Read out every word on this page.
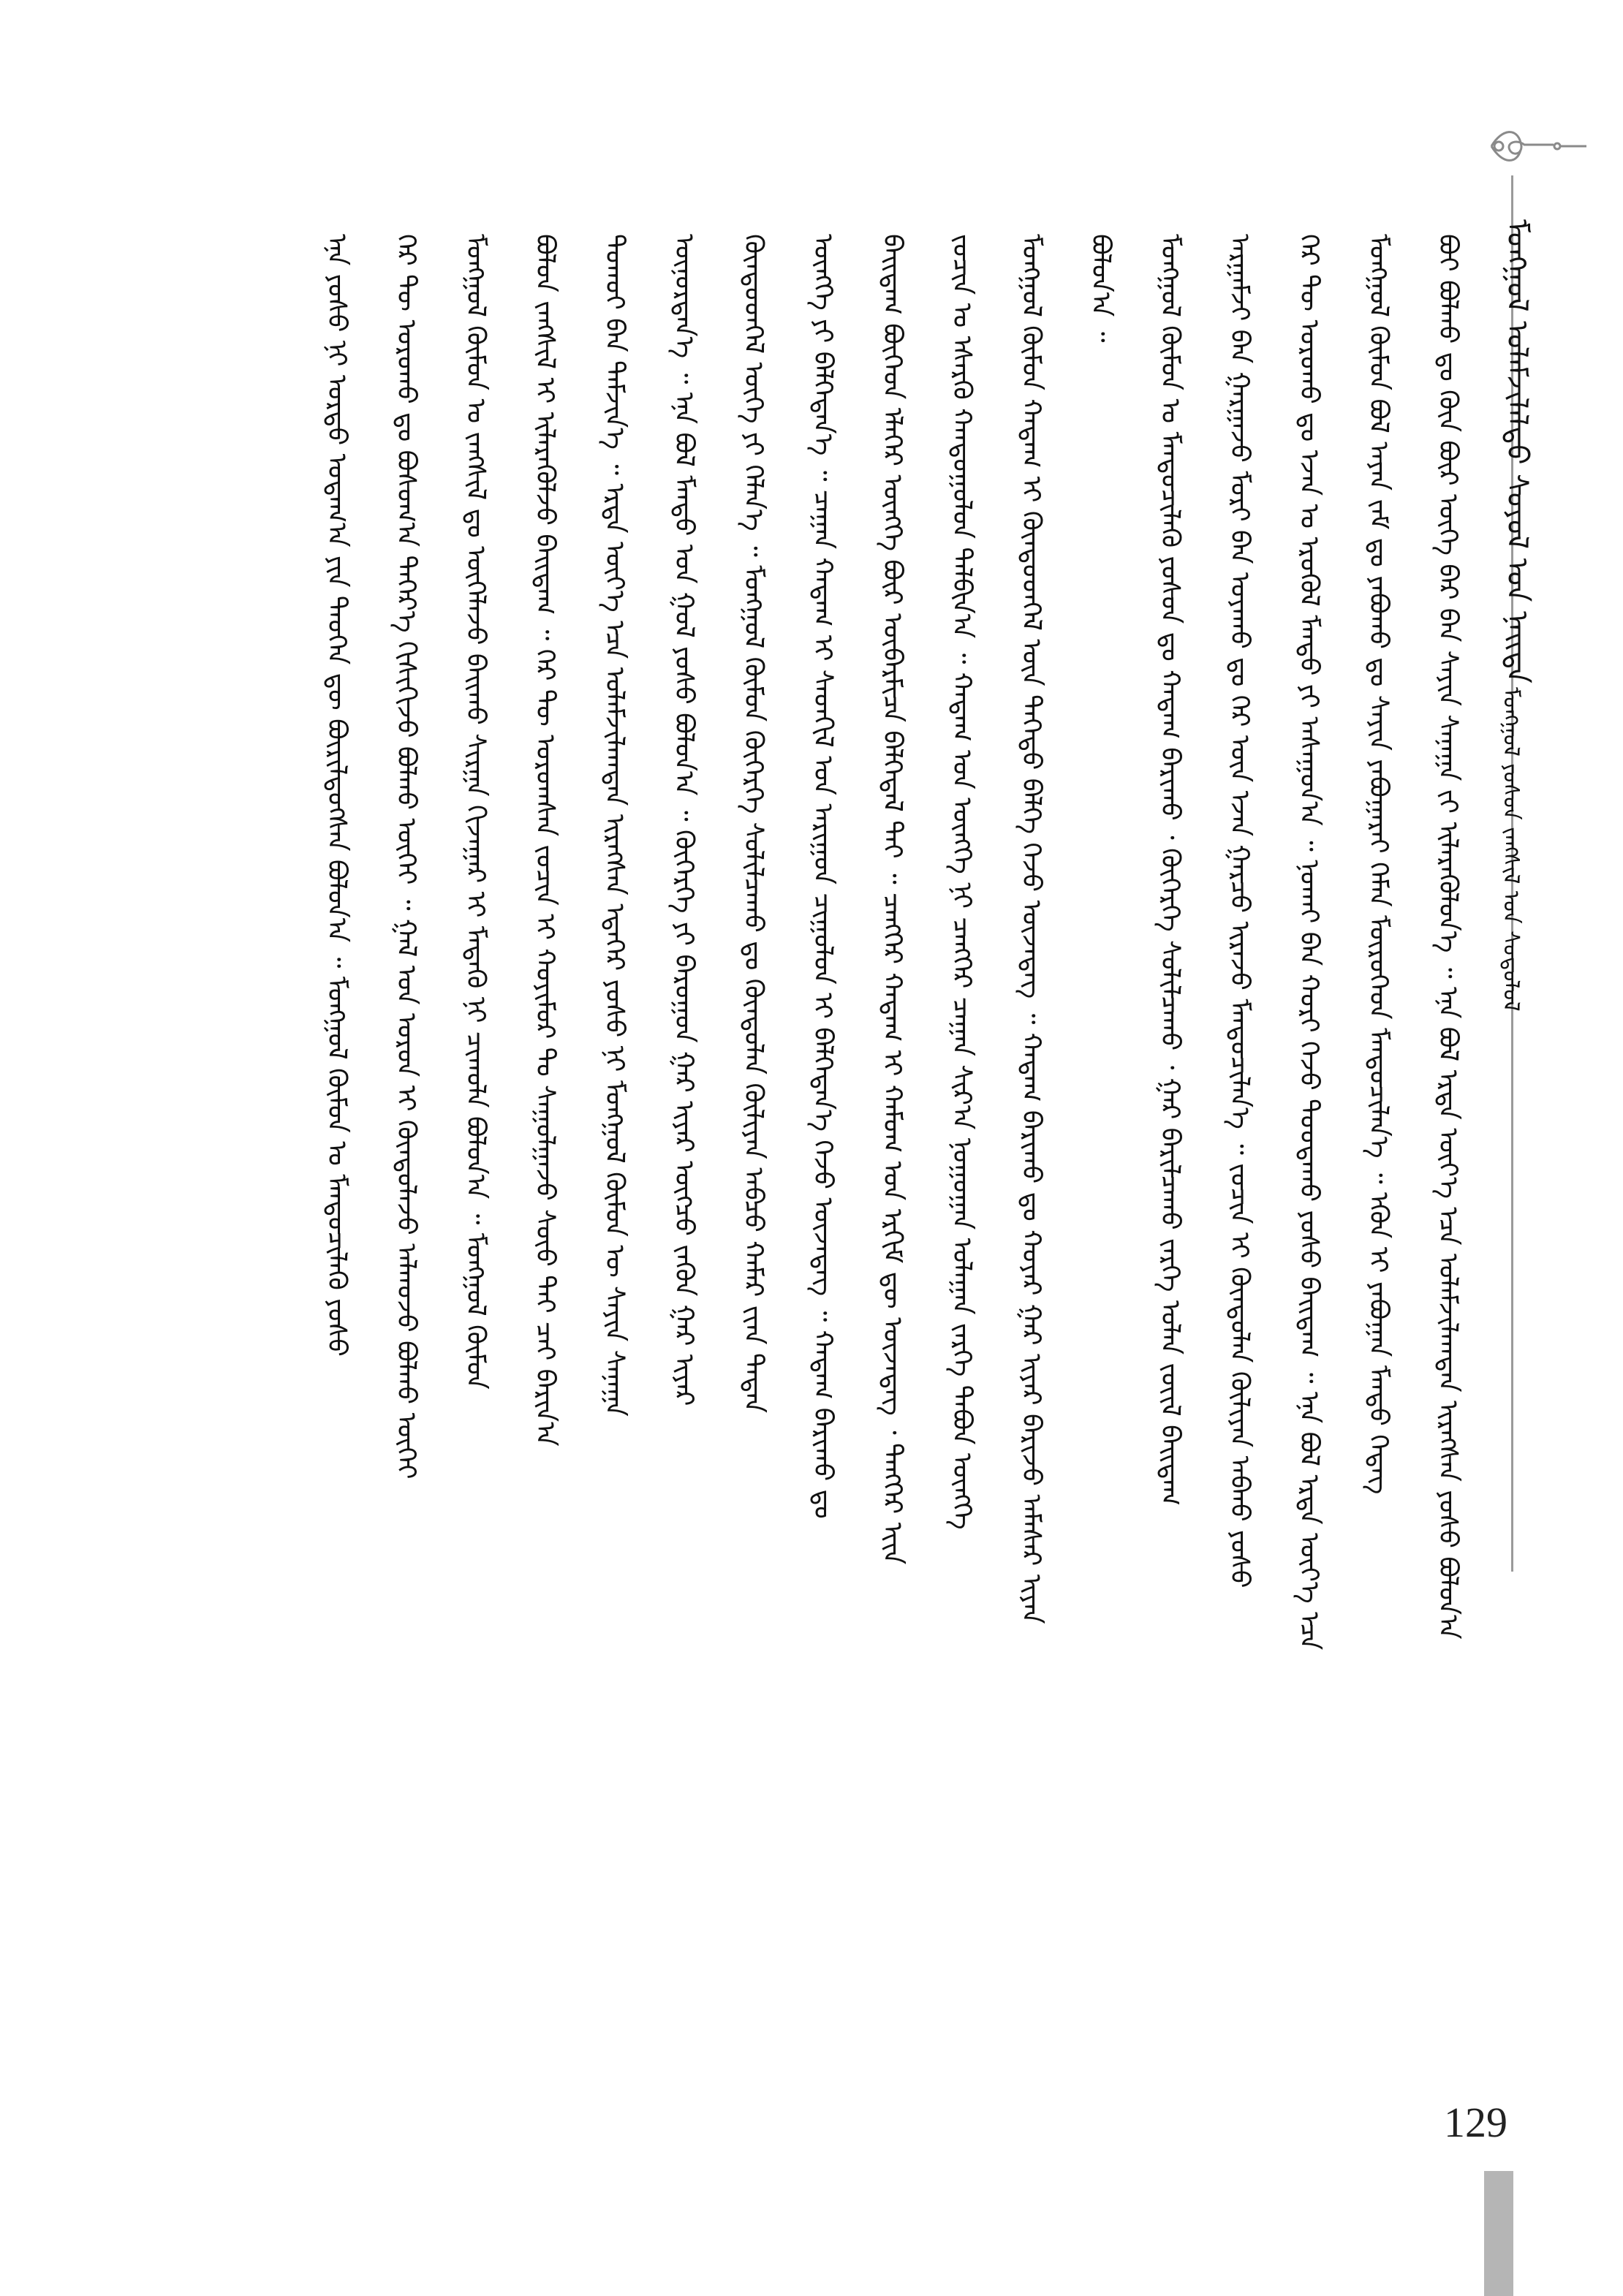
ᠮᠣᠩᠭᠣᠯ ᠤᠯᠠᠮᠵᠢᠯᠠᠯᠲᠤ ᠰᠤᠶᠤᠯ ᠤᠨ ᠨᠡᠢᠲᠡ
ᠮᠣᠩᠭᠣᠯ ᠶᠣᠰᠣᠨ ᠵᠠᠩᠰᠢᠯ ᠤᠨ ᠰᠤᠳᠤᠯᠤᠯ
ᠪᠣᠢ ᠪᠣᠯᠬᠤ ᠳᠤ ᠬᠦᠨ ᠪᠦᠷ ᠦᠭᠡ ᠪᠡᠷ ᠪᠡᠨ ᠰᠠᠶᠢᠨ ᠰᠠᠨᠠᠭᠠ ᠵᠢ ᠢᠯᠡᠷᠡᠭᠦᠯᠦᠨ᠎ᠡ ᠃ ᠡᠨᠡ ᠪᠣᠯ ᠡᠷᠲᠡ ᠦᠶ᠎ᠡ ᠡᠴᠡ ᠤᠯᠠᠮᠵᠢᠯᠠᠭᠳᠠᠨ ᠢᠷᠡᠭᠰᠡᠨ ᠶᠣᠰᠣ ᠪᠣᠯᠤᠨ᠎ᠠ
ᠮᠣᠩᠭᠣᠯ ᠬᠦᠮᠦᠨ ᠪᠣᠯ ᠠᠶᠠᠨ ᠵᠠᠮ ᠳᠤ ᠶᠠᠪᠤᠬᠤ ᠳᠤ ᠰᠠᠶᠢᠨ ᠶᠠᠪᠤᠭᠠᠷᠠᠢ ᠬᠡᠮᠡᠨ ᠮᠦᠷᠦᠭᠡᠳ ᠮᠡᠨᠳᠦᠴᠢᠯᠡᠨ᠎ᠡ ᠃ ᠡᠭᠦᠨ ᠢ ᠶᠠᠪᠤᠭᠠᠨ ᠮᠡᠨᠳᠦ ᠭᠡᠳᠡᠭ
ᠭᠡᠷ ᠲᠦ ᠣᠷᠣᠬᠤ ᠳᠤ ᠡᠵᠡᠨ ᠤ ᠡᠷᠦᠭᠦᠯ ᠮᠡᠨᠳᠦ ᠶᠢ ᠠᠰᠠᠭᠤᠨ᠎ᠠ ᠃ ᠨᠣᠬᠠᠢ ᠪᠠᠨ ᠬᠣᠷᠢ ᠭᠡᠵᠦ ᠳᠤᠤᠳᠠᠬᠤ ᠶᠣᠰᠣ ᠪᠠᠢᠳᠠᠭ ᠃ ᠡᠨᠡ ᠪᠣᠯ ᠡᠷᠲᠡ ᠦᠶ᠎ᠡ ᠡᠴᠡ
ᠠᠷᠭᠠᠮᠵᠢ ᠪᠠᠨ ᠭᠠᠷᠭᠠᠵᠤ ᠮᠣᠷᠢ ᠪᠠᠨ ᠤᠶᠠᠬᠤ ᠳᠤ ᠭᠡᠷ ᠦᠨ ᠡᠵᠡᠨ ᠭᠠᠷᠴᠤ ᠢᠷᠡᠵᠦ ᠮᠡᠨᠳᠦᠴᠢᠯᠡᠨ᠎ᠡ ᠃ ᠵᠣᠴᠢᠨ ᠢ ᠬᠦᠨᠳᠦᠯᠡᠨ ᠬᠦᠯᠢᠶᠡᠨ ᠠᠪᠬᠤ ᠶᠣᠰᠣ
ᠮᠣᠩᠭᠣᠯ ᠬᠦᠮᠦᠨ ᠤ ᠮᠡᠨᠳᠦᠴᠢᠯᠡᠬᠦ ᠶᠣᠰᠣᠨ ᠳᠤ ᠬᠠᠳᠠᠭ ᠪᠠᠷᠢᠬᠤ ᠂ ᠬᠥᠭᠡᠷᠭᠡ ᠰᠣᠯᠢᠯᠴᠠᠬᠤ ᠂ ᠭᠠᠷ ᠪᠠᠷᠢᠯᠴᠠᠬᠤ ᠵᠡᠷᠭᠡ ᠣᠯᠠᠨ ᠵᠦᠢᠯ ᠪᠠᠢᠳᠠᠭ
ᠪᠣᠯᠤᠨ᠎ᠠ ᠃
ᠮᠣᠩᠭᠣᠯ ᠬᠦᠮᠦᠨ ᠬᠠᠳᠠᠭ ᠢ ᠬᠦᠨᠳᠦᠳᠬᠡᠯ ᠦᠨ ᠳᠡᠭᠡᠳᠦ ᠪᠡᠯᠭᠡ ᠭᠡᠵᠦ ᠦᠵᠡᠳᠡᠭ ᠃ ᠬᠠᠳᠠᠭ ᠪᠠᠷᠢᠬᠤ ᠳᠤ ᠬᠣᠶᠠᠷ ᠭᠠᠷ ᠢᠶᠠᠷ ᠪᠠᠷᠢᠵᠤ ᠠᠮᠠᠰᠠᠷ ᠢᠶᠠᠨ
ᠵᠣᠴᠢᠨ ᠤ ᠡᠰᠡᠷᠭᠦ ᠬᠠᠨᠳᠤᠭᠤᠯᠤᠨ ᠲᠠᠯᠪᠢᠨ᠎ᠠ ᠃ ᠬᠠᠳᠠᠭ ᠤᠨ ᠥᠩᠭᠡ ᠨᠢ ᠴᠡᠩᠬᠡᠷ ᠴᠠᠭᠠᠨ ᠰᠢᠷ᠎ᠠ ᠨᠣᠭᠣᠭᠠᠨ ᠤᠯᠠᠭᠠᠨ ᠵᠡᠷᠭᠡ ᠲᠠᠪᠤᠨ ᠥᠩᠭᠡ
ᠪᠠᠢᠳᠠᠭ ᠪᠥᠭᠡᠳ ᠡᠯᠡᠭᠡᠷ ᠥᠩᠭᠡ ᠪᠦᠷ ᠥᠪᠡᠷᠮᠢᠴᠡ ᠪᠡᠯᠭᠡᠳᠡᠯ ᠲᠠᠢ ᠃ ᠴᠡᠩᠬᠡᠷ ᠬᠠᠳᠠᠭ ᠢ ᠬᠠᠮᠤᠭ ᠤᠨ ᠡᠷᠬᠢᠮ ᠳᠦ ᠦᠵᠡᠳᠡᠭ ᠂ ᠲᠡᠩᠭᠡᠷ ᠢᠢᠨ
ᠥᠩᠭᠡ ᠶᠢ ᠪᠡᠯᠭᠡᠳᠡᠨ᠎ᠡ ᠃ ᠴᠠᠭᠠᠨ ᠬᠠᠳᠠᠭ ᠢ ᠰᠡᠳᠬᠢᠯ ᠤᠨ ᠠᠷᠢᠭᠤᠨ ᠴᠢᠭᠤᠯᠤᠨ ᠢ ᠪᠡᠯᠭᠡᠳᠡᠨ᠎ᠡ ᠭᠡᠵᠦ ᠦᠵᠡᠳᠡᠭ ᠃ ᠬᠠᠳᠠᠭ ᠪᠠᠷᠢᠬᠤ ᠳᠤ
ᠬᠦᠨᠳᠦᠳᠬᠡᠯ ᠦᠭᠡ ᠶᠢ ᠬᠡᠯᠡᠨ᠎ᠡ ᠃ ᠮᠣᠩᠭᠣᠯ ᠬᠦᠮᠦᠨ ᠬᠥᠭᠡᠷᠭᠡ ᠰᠣᠯᠢᠯᠴᠠᠬᠤ ᠳᠤ ᠬᠦᠨᠳᠦᠯᠡᠨ ᠬᠦᠯᠢᠶᠡᠨ ᠠᠪᠴᠤ ᠬᠠᠮᠠᠷ ᠵᠢᠨᠨ ᠲᠠᠲᠠᠨ
ᠦᠨᠦᠷᠲᠡᠨ᠎ᠡ ᠃ ᠡᠨᠡ ᠪᠣᠯ ᠮᠡᠨᠳᠦ ᠤᠨ ᠭᠣᠯ ᠶᠣᠰᠣ ᠪᠣᠯᠤᠨ᠎ᠠ ᠃ ᠬᠥᠭᠡᠷᠭᠡ ᠶᠢ ᠪᠠᠷᠤᠭᠤᠨ ᠭᠠᠷ ᠢᠶᠠᠷ ᠥᠭᠴᠦ ᠵᠡᠭᠦᠨ ᠭᠠᠷ ᠢᠶᠠᠷ
ᠲᠣᠬᠣᠢ ᠪᠡᠨ ᠳᠡᠮᠵᠢᠨ᠎ᠡ ᠃ ᠡᠷᠲᠡ ᠦᠶ᠎ᠡ ᠡᠴᠡ ᠤᠯᠠᠮᠵᠢᠯᠠᠭᠳᠠᠨ ᠢᠷᠡᠭᠰᠡᠨ ᠡᠳᠡᠭᠡᠷ ᠶᠣᠰᠣ ᠨᠢ ᠮᠣᠩᠭᠣᠯ ᠬᠦᠮᠦᠨ ᠦ ᠰᠠᠶᠢᠨ ᠰᠠᠨᠠᠭᠠ
ᠪᠣᠯᠤᠨ ᠵᠠᠩᠰᠢᠯ ᠢ ᠢᠯᠡᠷᠡᠭᠦᠯᠵᠦ ᠪᠠᠢᠳᠠᠭ ᠃ ᠭᠡᠷ ᠲᠦ ᠣᠷᠣᠭᠰᠠᠨ ᠵᠣᠴᠢᠨ ᠢ ᠬᠣᠶᠢᠮᠣᠷ ᠲᠤ ᠰᠠᠭᠤᠯᠭᠠᠵᠤ ᠰᠦᠦ ᠲᠡᠢ ᠴᠠᠢ ᠪᠠᠷᠢᠨ᠎ᠠ
ᠮᠣᠩᠭᠣᠯ ᠬᠦᠮᠦᠨ ᠤ ᠵᠠᠩᠰᠢᠯ ᠳᠤ ᠥᠭᠡᠯᠡᠵᠦ ᠪᠠᠢᠬᠤ ᠰᠢᠷᠭᠠ ᠬᠢᠵᠠᠭᠠᠷ ᠢ ᠮᠡᠳᠡᠬᠦ ᠨᠢ ᠴᠢᠬᠤᠯᠠ ᠪᠣᠯᠤᠨ᠎ᠠ ᠃ ᠮᠣᠩᠭᠣᠯ ᠬᠦᠮᠦᠨ
ᠭᠡᠷ ᠲᠦ ᠣᠷᠣᠬᠤ ᠳᠤ ᠪᠣᠰᠣᠭ᠎ᠠ ᠳᠡᠭᠡᠷ᠎ᠡ ᠭᠢᠰᠢᠭᠢᠵᠦ ᠪᠣᠯᠬᠤ ᠦᠭᠡᠢ ᠃ ᠭᠠᠯ ᠤᠨ ᠣᠷᠣᠨ ᠢ ᠬᠦᠨᠳᠦᠯᠡᠵᠦ ᠠᠯᠬᠤᠵᠤ ᠪᠣᠯᠬᠤ ᠦᠭᠡᠢ
ᠡᠨᠡ ᠶᠣᠰᠣ ᠨᠢ ᠤᠷᠲᠤ ᠤᠳᠠᠭ᠎ᠠ ᠶᠢᠨ ᠲᠡᠦᠬᠡᠨ ᠳᠦ ᠪᠦᠷᠢᠯᠳᠦᠭᠰᠡᠨ ᠪᠣᠯᠤᠨ᠎ᠠ ᠃ ᠮᠣᠩᠭᠣᠯ ᠬᠦᠮᠦᠨ ᠤ ᠮᠡᠨᠳᠦᠴᠢᠯᠡᠬᠦ ᠶᠣᠰᠣ
129
